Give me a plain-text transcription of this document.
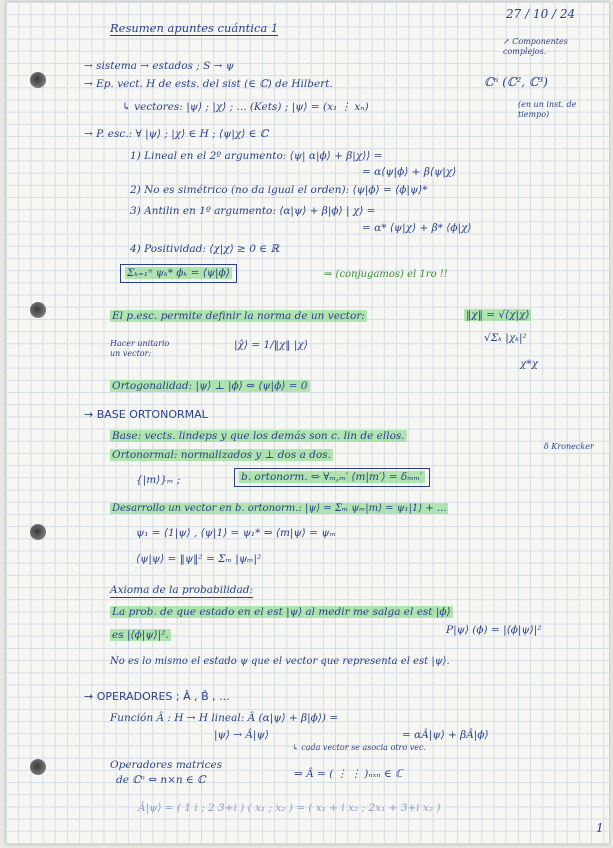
27 / 10 / 24
Resumen apuntes cuántica 1
↗ Componentes complejos.
→ sistema → estados ; S → ψ
→ Ep. vect. H de ests. del sist (∈ ℂ) de Hilbert.	ℂⁿ (ℂ², ℂ³)
↳ vectores: |ψ⟩ ; |χ⟩ ; ... (Kets) ; |ψ⟩ = (x₁ ⋮ xₙ)	(en un inst. de tiempo)
→ P. esc.: ∀ |ψ⟩ ; |χ⟩ ∈ H ; ⟨ψ|χ⟩ ∈ ℂ
1) Lineal en el 2º argumento: ⟨ψ| α|ϕ⟩ + β|χ⟩⟩ =
= α⟨ψ|ϕ⟩ + β⟨ψ|χ⟩
2) No es simétrico (no da igual el orden): ⟨ψ|ϕ⟩ = ⟨ϕ|ψ⟩*
3) Antilin en 1º argumento: ⟨α|ψ⟩ + β|ϕ⟩ | χ⟩ =
= α* ⟨ψ|χ⟩ + β* ⟨ϕ|χ⟩
4) Positividad: ⟨χ|χ⟩ ≥ 0 ∈ ℝ
Σₖ₌₁ⁿ ψₖ* ϕₖ = ⟨ψ|ϕ⟩	⇒ (conjugamos) el 1ro !!
El p.esc. permite definir la norma de un vector:	‖χ‖ = √⟨χ|χ⟩
Hacer unitario un vector:
|χ̂⟩ = 1/‖χ‖ |χ⟩
√Σₖ |χₖ|²
χ*χ
Ortogonalidad: |ψ⟩ ⊥ |ϕ⟩ ⇔ ⟨ψ|ϕ⟩ = 0
→ BASE ORTONORMAL
Base: vects. lindeps y que los demás son c. lin de ellos.
Ortonormal: normalizados y ⊥ dos a dos.
δ Kronecker
{|m⟩}ₘ ;	b. ortonorm. ⇔ ∀ₘ,ₘ′ ⟨m|m′⟩ = δₘₘ′
Desarrollo un vector en b. ortonorm.: |ψ⟩ = Σₘ ψₘ|m⟩ = ψ₁|1⟩ + ...
ψ₁ = ⟨1|ψ⟩ , ⟨ψ|1⟩ = ψ₁* ⇒ ⟨m|ψ⟩ = ψₘ
⟨ψ|ψ⟩ = ‖ψ‖² = Σₘ |ψₘ|²
Axioma de la probabilidad:
La prob. de que estado en el est |ψ⟩ al medir me salga el est |ϕ⟩
es |⟨ϕ|ψ⟩|².	P|ψ⟩ (ϕ) = |⟨ϕ|ψ⟩|²
No es lo mismo el estado ψ que el vector que representa el est |ψ⟩.
→ OPERADORES ; Â , B̂ , ...
Función Â : H → H lineal: Â (α|ψ⟩ + β|ϕ⟩) =
|ψ⟩ → Â|ψ⟩	= αÂ|ψ⟩ + βÂ|ϕ⟩
↳ cada vector se asocia otro vec.
Operadores matrices
de ℂⁿ ⇔ n×n ∈ ℂ	⇒ Â = ( ⋮ ⋮ )ₙₓₙ ∈ ℂ
Â|ψ⟩ = ( 1 i ; 2 3+i ) ( x₁ ; x₂ ) = ( x₁ + i x₂ ; 2x₁ + 3+i x₂ )
1
